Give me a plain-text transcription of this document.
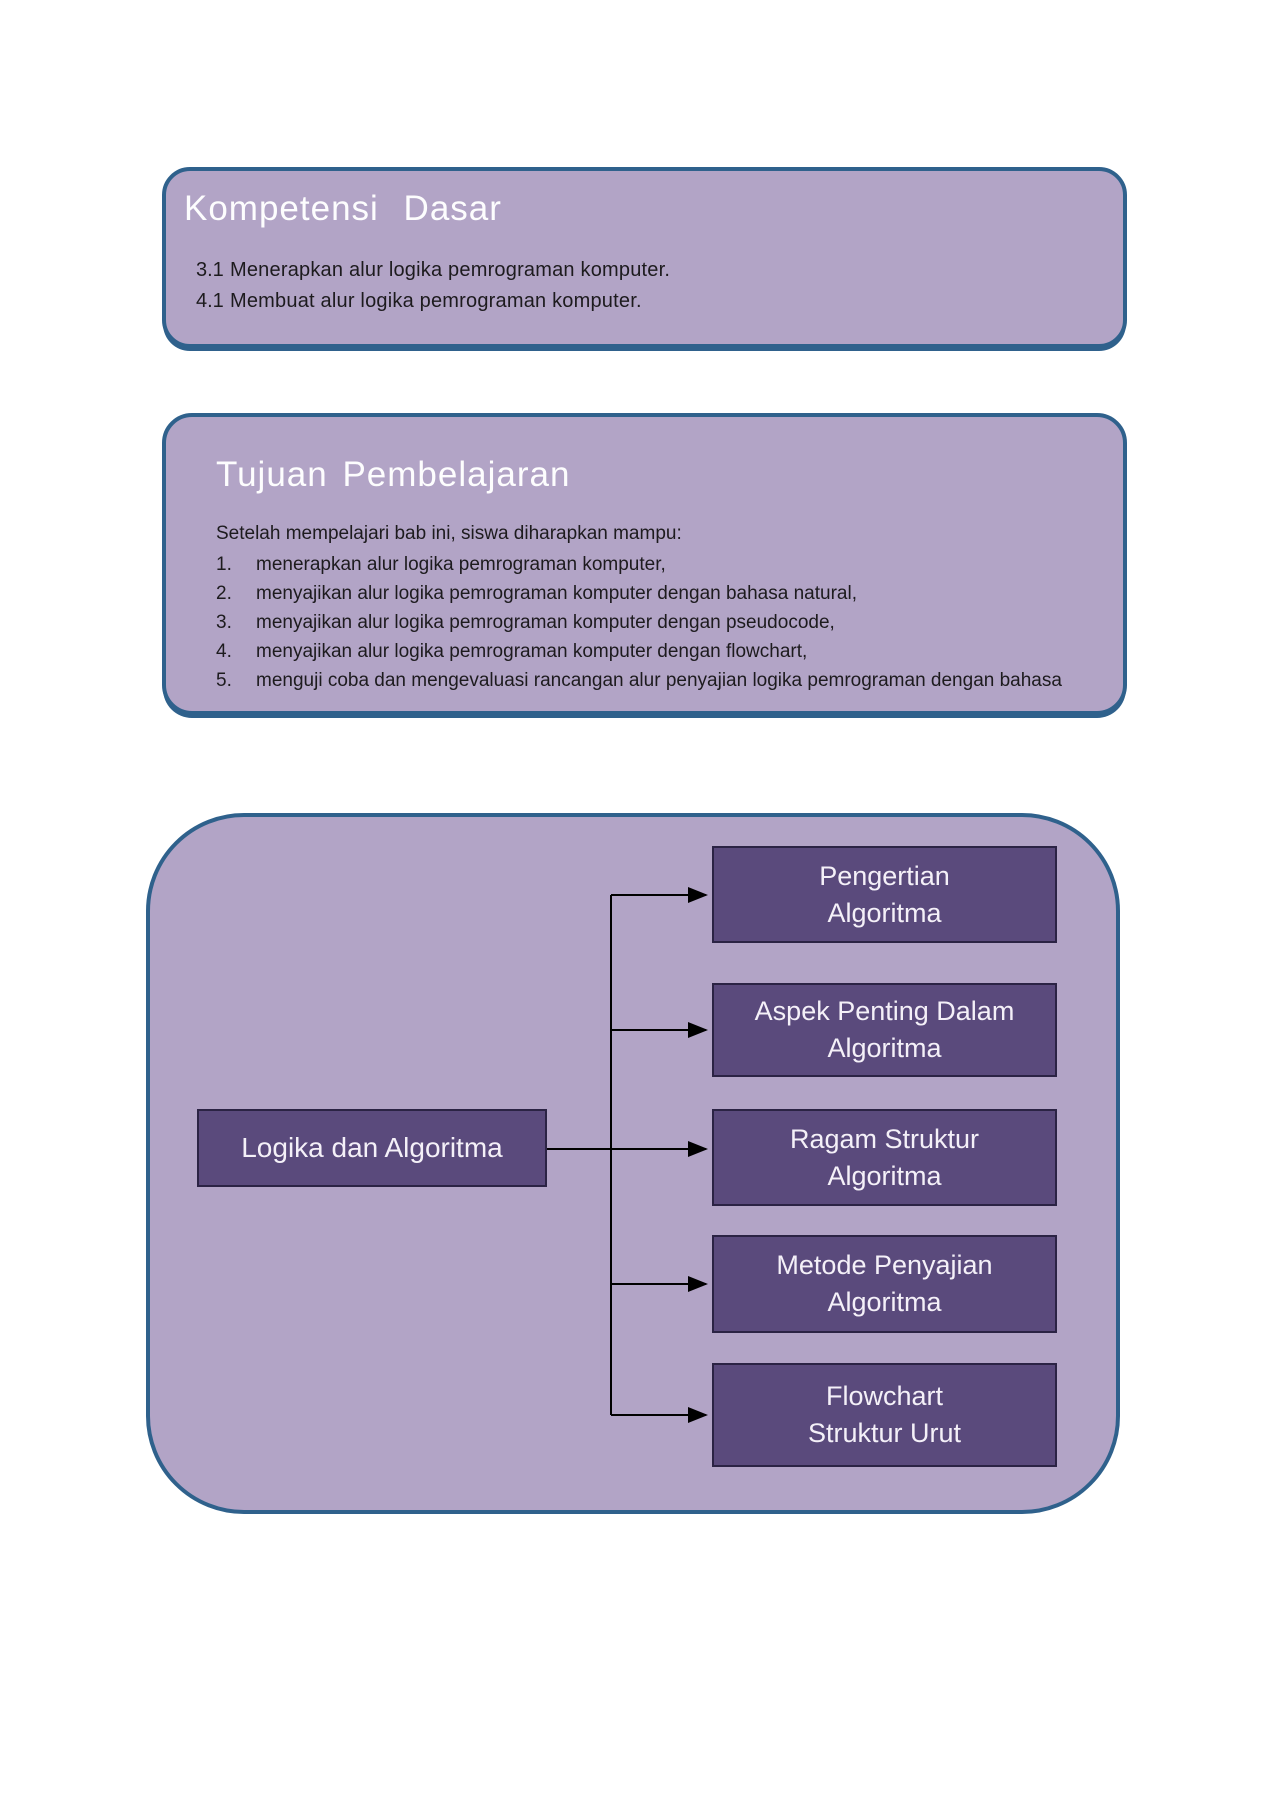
Kompetensi Dasar
3.1 Menerapkan alur logika pemrograman komputer.
4.1 Membuat alur logika pemrograman komputer.
Tujuan Pembelajaran

Setelah mempelajari bab ini, siswa diharapkan mampu:

1.	menerapkan alur logika pemrograman komputer,
2.	menyajikan alur logika pemrograman komputer dengan bahasa natural,
3.	menyajikan alur logika pemrograman komputer dengan pseudocode,
4.	menyajikan alur logika pemrograman komputer dengan flowchart,
5.	menguji coba dan mengevaluasi rancangan alur penyajian logika pemrograman dengan bahasa
Logika dan Algoritma
Pengertian
Algoritma
Aspek Penting Dalam
Algoritma
Ragam Struktur
Algoritma
Metode Penyajian
Algoritma
Flowchart
Struktur Urut
